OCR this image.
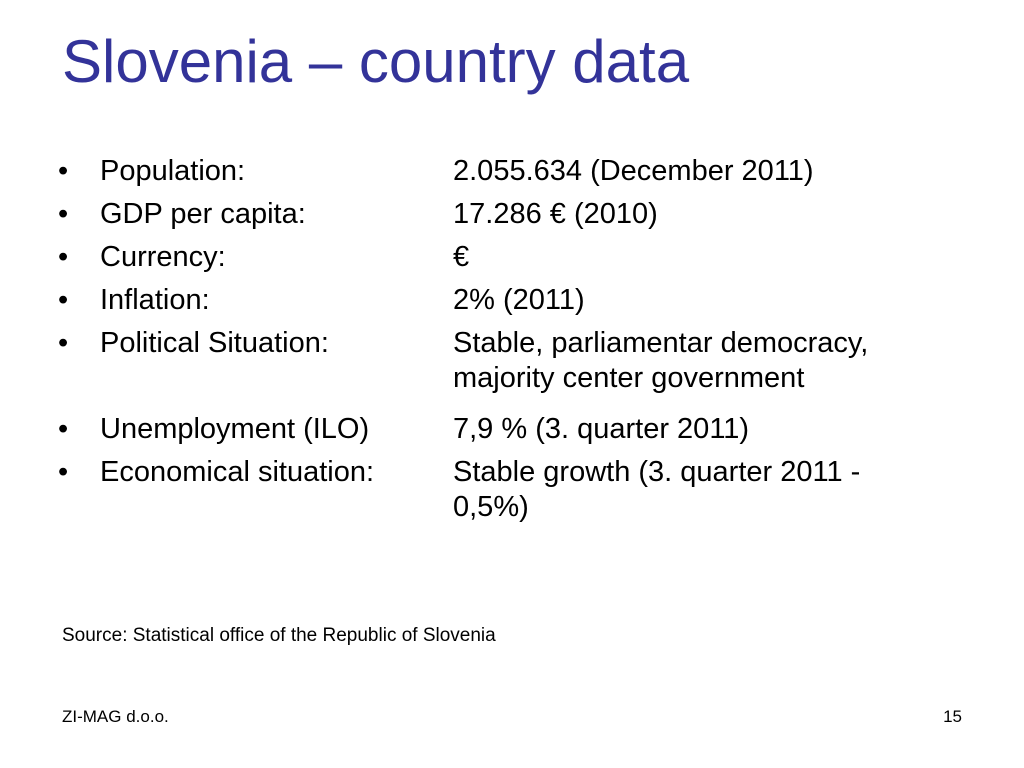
Slovenia – country data
• Population:	2.055.634 (December 2011)
• GDP per capita:	17.286 € (2010)
• Currency:	€
• Inflation:	2% (2011)
• Political Situation:	Stable, parliamentar democracy,
majority center government
• Unemployment (ILO)	7,9 % (3. quarter 2011)
• Economical situation:	Stable growth (3. quarter 2011 -
0,5%)
Source: Statistical office of the Republic of Slovenia
ZI-MAG d.o.o.	15
